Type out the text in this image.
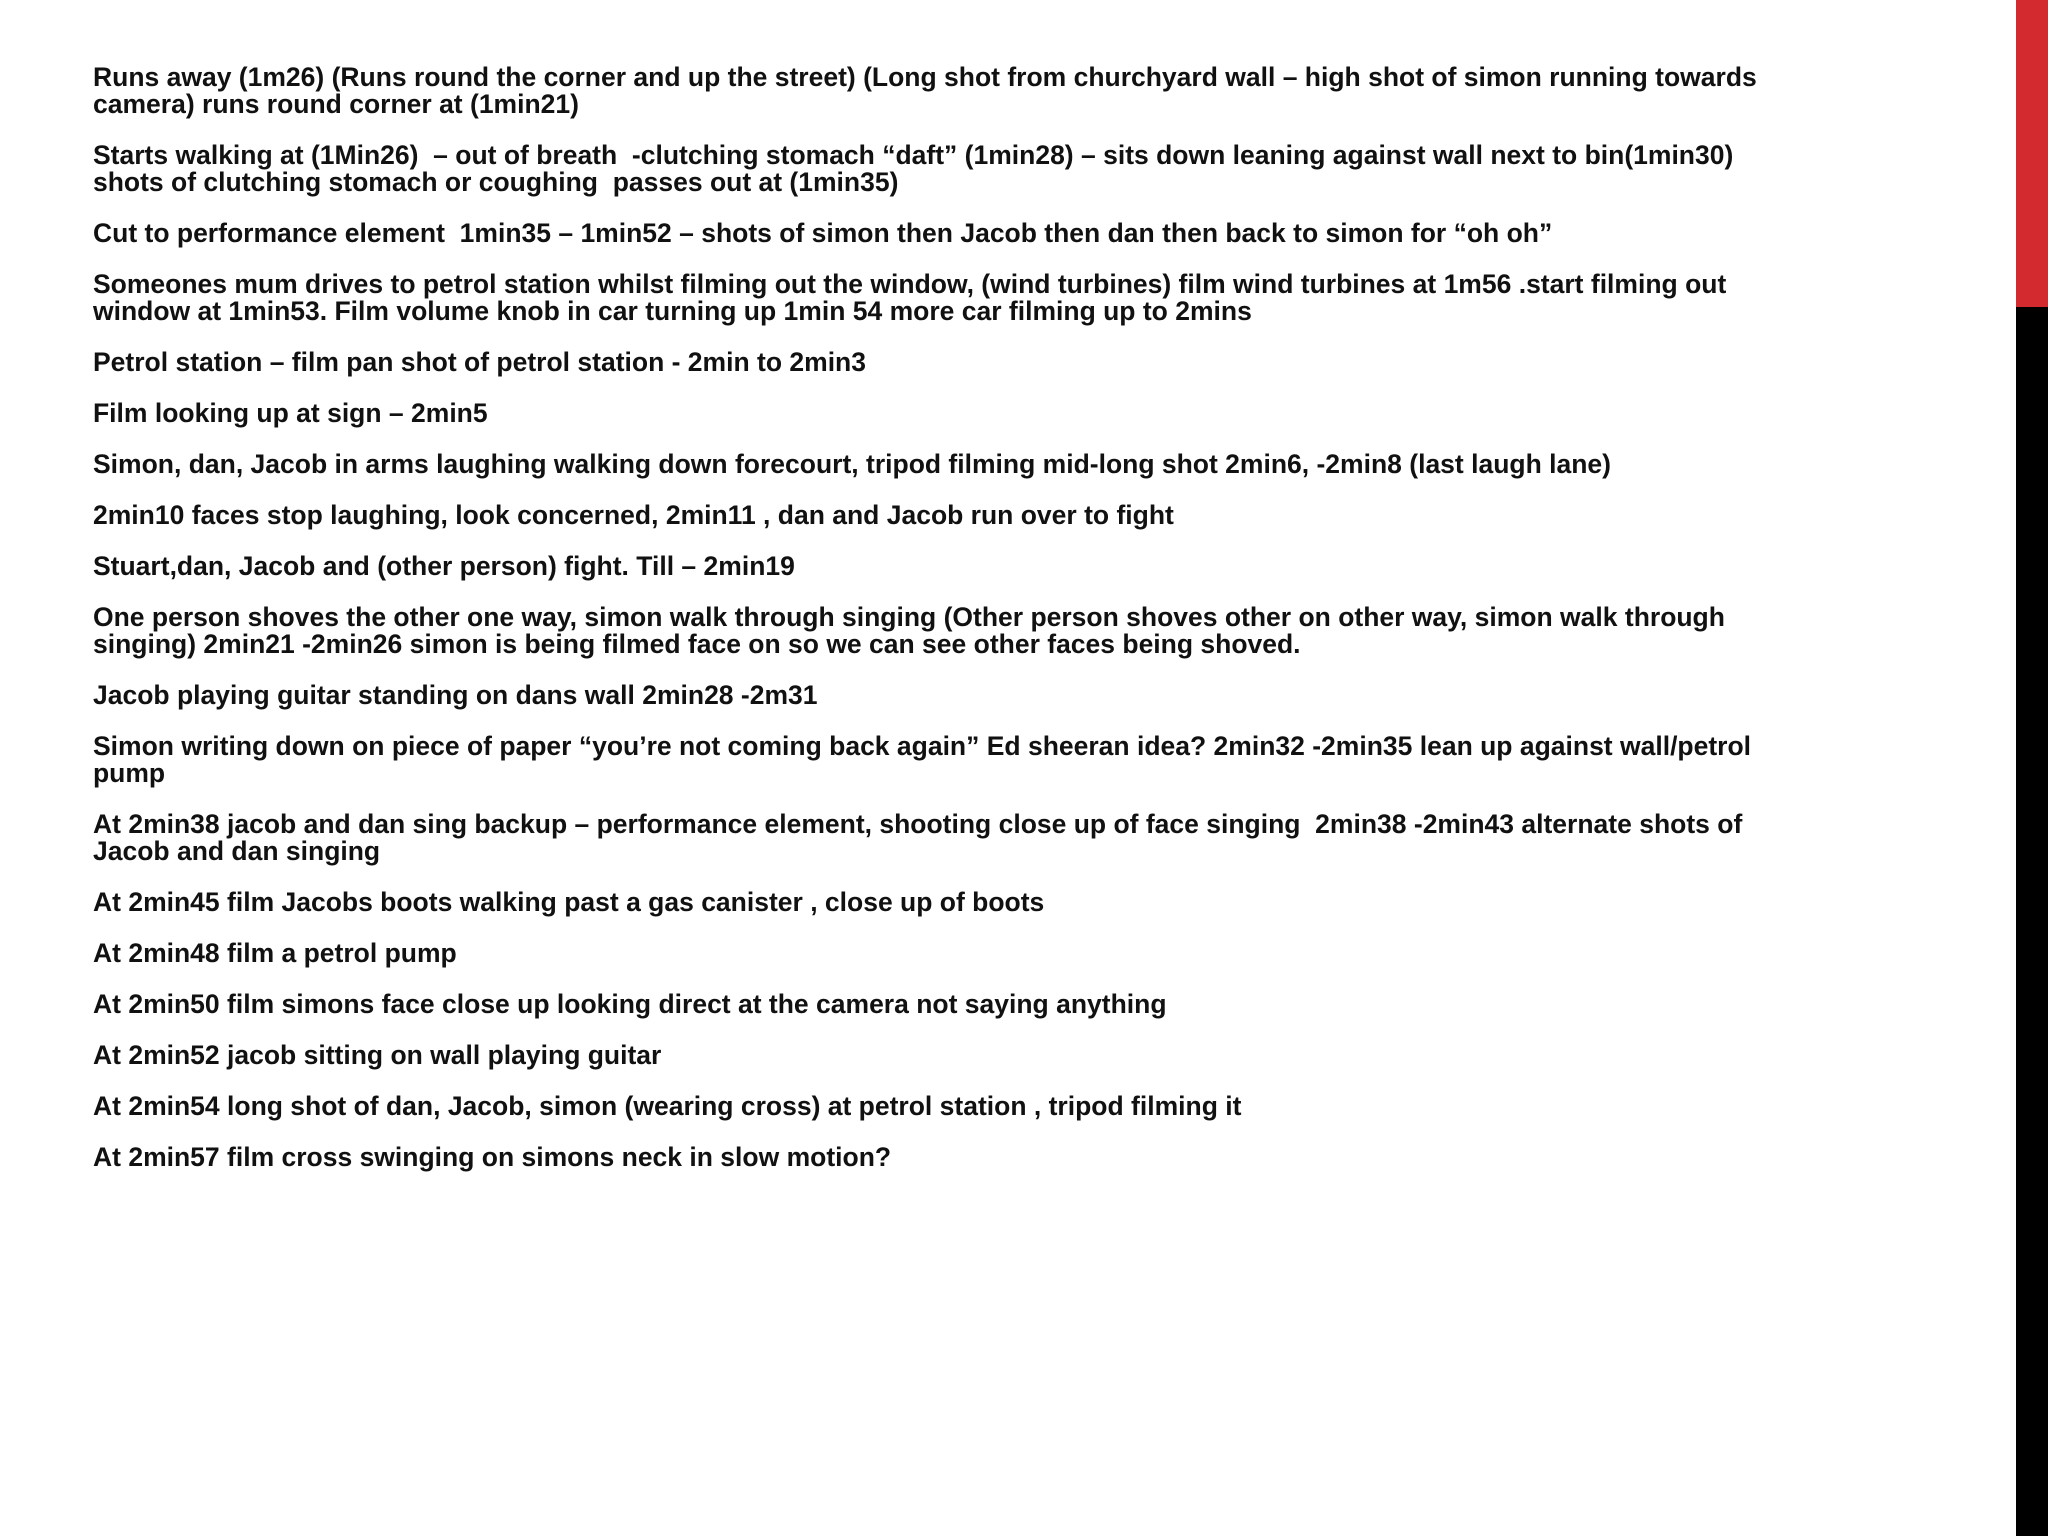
Runs away (1m26) (Runs round the corner and up the street) (Long shot from churchyard wall – high shot of simon running towards camera) runs round corner at (1min21)
Starts walking at (1Min26)  – out of breath  -clutching stomach “daft” (1min28) – sits down leaning against wall next to bin(1min30) shots of clutching stomach or coughing  passes out at (1min35)
Cut to performance element  1min35 – 1min52 – shots of simon then Jacob then dan then back to simon for “oh oh”
Someones mum drives to petrol station whilst filming out the window, (wind turbines) film wind turbines at 1m56 .start filming out window at 1min53. Film volume knob in car turning up 1min 54 more car filming up to 2mins
Petrol station – film pan shot of petrol station - 2min to 2min3
Film looking up at sign – 2min5
Simon, dan, Jacob in arms laughing walking down forecourt, tripod filming mid-long shot 2min6, -2min8 (last laugh lane)
2min10 faces stop laughing, look concerned, 2min11 , dan and Jacob run over to fight
Stuart,dan, Jacob and (other person) fight. Till – 2min19
One person shoves the other one way, simon walk through singing (Other person shoves other on other way, simon walk through singing) 2min21 -2min26 simon is being filmed face on so we can see other faces being shoved.
Jacob playing guitar standing on dans wall 2min28 -2m31
Simon writing down on piece of paper “you’re not coming back again” Ed sheeran idea? 2min32 -2min35 lean up against wall/petrol pump
At 2min38 jacob and dan sing backup – performance element, shooting close up of face singing  2min38 -2min43 alternate shots of Jacob and dan singing
At 2min45 film Jacobs boots walking past a gas canister , close up of boots
At 2min48 film a petrol pump
At 2min50 film simons face close up looking direct at the camera not saying anything
At 2min52 jacob sitting on wall playing guitar
At 2min54 long shot of dan, Jacob, simon (wearing cross) at petrol station , tripod filming it
At 2min57 film cross swinging on simons neck in slow motion?
